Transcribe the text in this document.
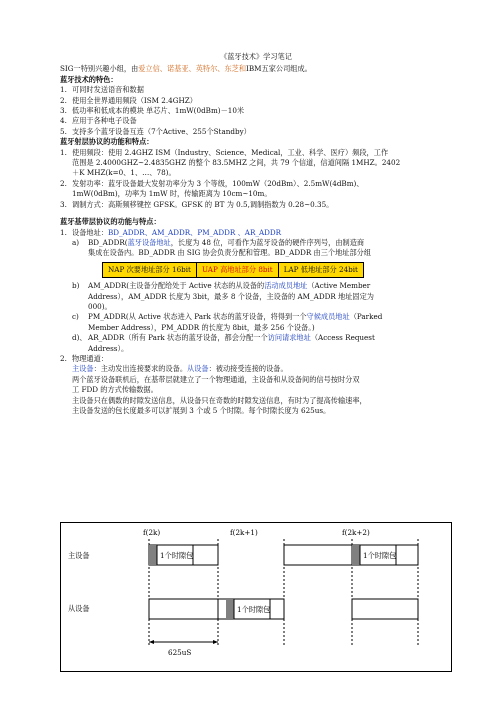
《蓝牙技术》学习笔记
SIG一特别兴趣小组，由爱立信、诺基亚、英特尔、东芝和IBM五家公司组成。
蓝牙技术的特色：
1. 可同时发送语音和数据
2. 使用全世界通用频段（ISM 2.4GHZ）
3. 低功率和低成本的模块 单芯片、1mW(0dBm)－10米
4. 应用于各种电子设备
5. 支持多个蓝牙设备互连（7个Active、255个Standby）
蓝牙射层协议的功能和特点：
1. 使用频段：使用 2.4GHZ ISM（Industry、Science、Medical，工业、科学、医疗）频段，工作
范围是 2.4000GHZ~2.4835GHZ 的整个 83.5MHZ 之间，共 79 个信道，信道间隔 1MHZ。2402
＋K MHZ(k=0、1、…、78)。
2. 发射功率：蓝牙设备最大发射功率分为 3 个等级，100mW（20dBm）、2.5mW(4dBm)、
1mW(0dBm)，功率为 1mW 时，传输距离为 10cm~10m。
3. 调制方式：高斯频移键控 GFSK。GFSK 的 BT 为 0.5,调制指数为 0.28~0.35。
蓝牙基带层协议的功能与特点：
1. 设备地址： BD_ADDR、AM_ADDR、PM_ADDR 、AR_ADDR
a)	BD_ADDR(蓝牙设备地址，长度为 48 位，可看作为蓝牙设备的硬件序列号，由制造商
集成在设备内。BD_ADDR 由 SIG 协会负责分配和管理。BD_ADDR 由三个地址部分组
NAP 次要地址部分 16bit	UAP 高地址部分 8bit	LAP 低地址部分 24bit
b)	AM_ADDR(主设备分配给处于 Active 状态的从设备的活动成员地址（Active Member
Address），AM_ADDR 长度为 3bit，最多 8 个设备，主设备的 AM_ADDR 地址固定为
000)。
c)	PM_ADDR(从 Active 状态进入 Park 状态的蓝牙设备，将得到一个守候成员地址（Parked
Member Address），PM_ADDR 的长度为 8bit，最多 256 个设备。)
d)、 AR_ADDR（所有 Park 状态的蓝牙设备，都会分配一个访问请求地址（Access Request
Address）。
2. 物理通道：
主设备：主动发出连接要求的设备。从设备：被动接受连接的设备。
两个蓝牙设备联机后，在基带层就建立了一个物理通道，主设备和从设备间的信号按时分双
工 FDD 的方式传输数据。
主设备只在偶数的时隙发送信息，从设备只在奇数的时隙发送信息，有时为了提高传输速率，
主设备发送的包长度最多可以扩展到 3 个或 5 个时隙。每个时隙长度为 625us。
f(2k)	f(2k+1)	f(2k+2)
主设备	1个时隙包	1个时隙包
从设备	1个时隙包
625uS
